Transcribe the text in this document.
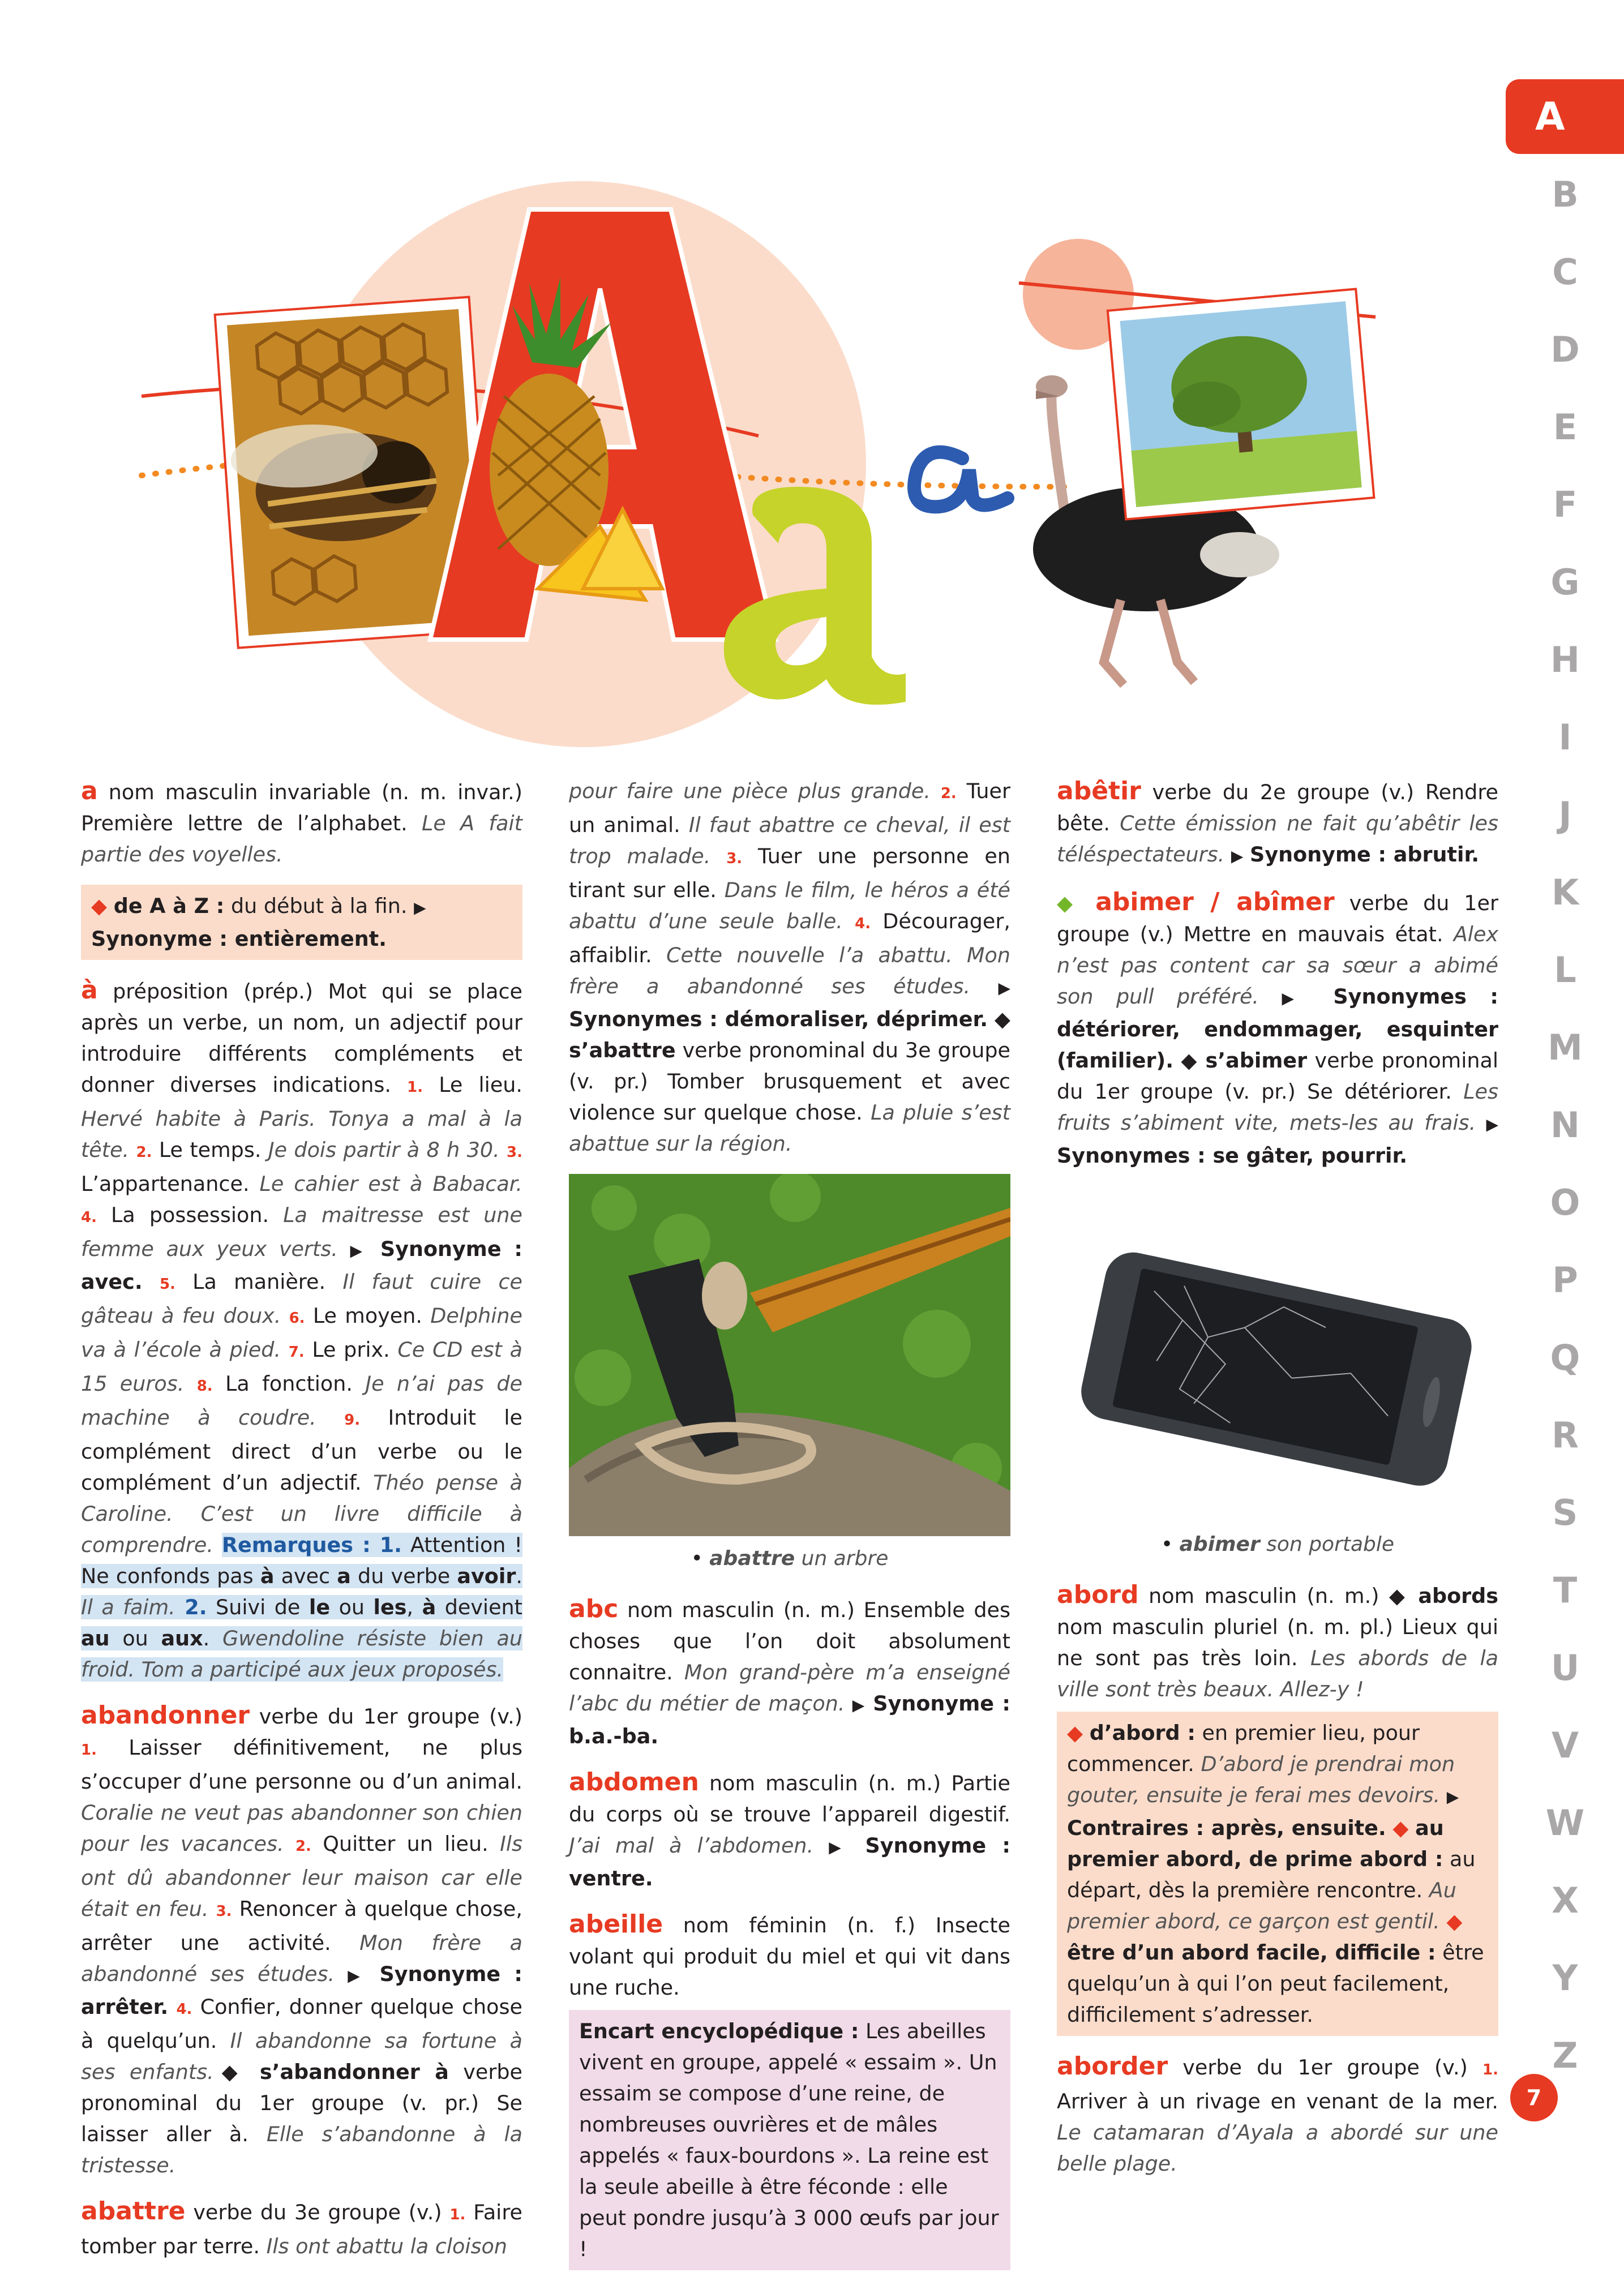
A
B
C
D
E
F
G
H
I
J
K
L
M
N
O
P
Q
R
S
T
U
V
W
X
Y
Z
7

a nom masculin invariable (n. m. invar.) Première lettre de l’alphabet. Le A fait partie des voyelles.

◆ de A à Z : du début à la fin. ▶ Synonyme : entièrement.

à préposition (prép.) Mot qui se place après un verbe, un nom, un adjectif pour introduire différents compléments et donner diverses indications. 1. Le lieu. Hervé habite à Paris. Tonya a mal à la tête. 2. Le temps. Je dois partir à 8 h 30. 3. L’appartenance. Le cahier est à Babacar. 4. La possession. La maitresse est une femme aux yeux verts. ▶ Synonyme : avec. 5. La manière. Il faut cuire ce gâteau à feu doux. 6. Le moyen. Delphine va à l’école à pied. 7. Le prix. Ce CD est à 15 euros. 8. La fonction. Je n’ai pas de machine à coudre. 9. Introduit le complément direct d’un verbe ou le complément d’un adjectif. Théo pense à Caroline. C’est un livre difficile à comprendre. Remarques : 1. Attention ! Ne confonds pas à avec a du verbe avoir. Il a faim. 2. Suivi de le ou les, à devient au ou aux. Gwendoline résiste bien au froid. Tom a participé aux jeux proposés.

abandonner verbe du 1er groupe (v.) 1. Laisser définitivement, ne plus s’occuper d’une personne ou d’un animal. Coralie ne veut pas abandonner son chien pour les vacances. 2. Quitter un lieu. Ils ont dû abandonner leur maison car elle était en feu. 3. Renoncer à quelque chose, arrêter une activité. Mon frère a abandonné ses études. ▶ Synonyme : arrêter. 4. Confier, donner quelque chose à quelqu’un. Il abandonne sa fortune à ses enfants.◆ s’abandonner à verbe pronominal du 1er groupe (v. pr.) Se laisser aller à. Elle s’abandonne à la tristesse.

abattre verbe du 3e groupe (v.) 1. Faire tomber par terre. Ils ont abattu la cloison

pour faire une pièce plus grande. 2. Tuer un animal. Il faut abattre ce cheval, il est trop malade. 3. Tuer une personne en tirant sur elle. Dans le film, le héros a été abattu d’une seule balle. 4. Décourager, affaiblir. Cette nouvelle l’a abattu. Mon frère a abandonné ses études. ▶ Synonymes : démoraliser, déprimer. ◆ s’abattre verbe pronominal du 3e groupe (v. pr.) Tomber brusquement et avec violence sur quelque chose. La pluie s’est abattue sur la région.

• abattre un arbre

abc nom masculin (n. m.) Ensemble des choses que l’on doit absolument connaitre. Mon grand-père m’a enseigné l’abc du métier de maçon. ▶ Synonyme : b.a.-ba.

abdomen nom masculin (n. m.) Partie du corps où se trouve l’appareil digestif. J’ai mal à l’abdomen. ▶ Synonyme : ventre.

abeille nom féminin (n. f.) Insecte volant qui produit du miel et qui vit dans une ruche.

Encart encyclopédique : Les abeilles vivent en groupe, appelé « essaim ». Un essaim se compose d’une reine, de nombreuses ouvrières et de mâles appelés « faux-bourdons ». La reine est la seule abeille à être féconde : elle peut pondre jusqu’à 3 000 œufs par jour !

abêtir verbe du 2e groupe (v.) Rendre bête. Cette émission ne fait qu’abêtir les téléspectateurs. ▶ Synonyme : abrutir.

◆ abimer / abîmer verbe du 1er groupe (v.) Mettre en mauvais état. Alex n’est pas content car sa sœur a abimé son pull préféré. ▶ Synonymes : détériorer, endommager, esquinter (familier). ◆ s’abimer verbe pronominal du 1er groupe (v. pr.) Se détériorer. Les fruits s’abiment vite, mets-les au frais. ▶ Synonymes : se gâter, pourrir.

• abimer son portable

abord nom masculin (n. m.) ◆ abords nom masculin pluriel (n. m. pl.) Lieux qui ne sont pas très loin. Les abords de la ville sont très beaux. Allez-y !

◆ d’abord : en premier lieu, pour commencer. D’abord je prendrai mon gouter, ensuite je ferai mes devoirs. ▶ Contraires : après, ensuite. ◆ au premier abord, de prime abord : au départ, dès la première rencontre. Au premier abord, ce garçon est gentil. ◆ être d’un abord facile, difficile : être quelqu’un à qui l’on peut facilement, difficilement s’adresser.

aborder verbe du 1er groupe (v.) 1. Arriver à un rivage en venant de la mer. Le catamaran d’Ayala a abordé sur une belle plage.
